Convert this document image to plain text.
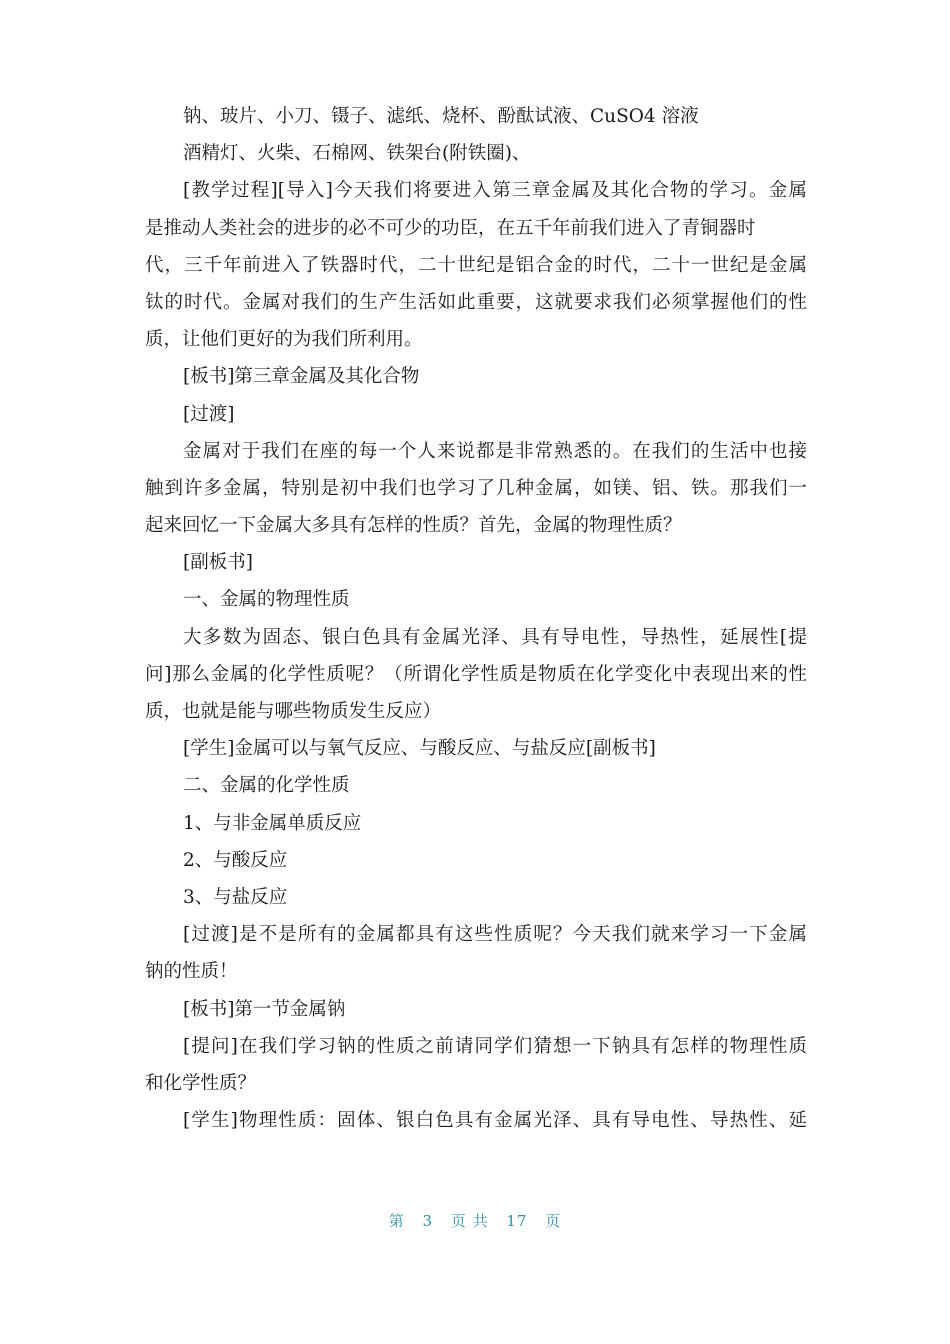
钠、玻片、小刀、镊子、滤纸、烧杯、酚酞试液、CuSO4 溶液
酒精灯、火柴、石棉网、铁架台(附铁圈)、
[教学过程][导入]今天我们将要进入第三章金属及其化合物的学习。金属
是推动人类社会的进步的必不可少的功臣，在五千年前我们进入了青铜器时
代，三千年前进入了铁器时代，二十世纪是铝合金的时代，二十一世纪是金属
钛的时代。金属对我们的生产生活如此重要，这就要求我们必须掌握他们的性
质，让他们更好的为我们所利用。
[板书]第三章金属及其化合物
[过渡]
金属对于我们在座的每一个人来说都是非常熟悉的。在我们的生活中也接
触到许多金属，特别是初中我们也学习了几种金属，如镁、铝、铁。那我们一
起来回忆一下金属大多具有怎样的性质？首先，金属的物理性质？
[副板书]
一、金属的物理性质
大多数为固态、银白色具有金属光泽、具有导电性，导热性，延展性[提
问]那么金属的化学性质呢？（所谓化学性质是物质在化学变化中表现出来的性
质，也就是能与哪些物质发生反应）
[学生]金属可以与氧气反应、与酸反应、与盐反应[副板书]
二、金属的化学性质
1、与非金属单质反应
2、与酸反应
3、与盐反应
[过渡]是不是所有的金属都具有这些性质呢？今天我们就来学习一下金属
钠的性质！
[板书]第一节金属钠
[提问]在我们学习钠的性质之前请同学们猜想一下钠具有怎样的物理性质
和化学性质？
[学生]物理性质：固体、银白色具有金属光泽、具有导电性、导热性、延
第 3 页 共 17 页
